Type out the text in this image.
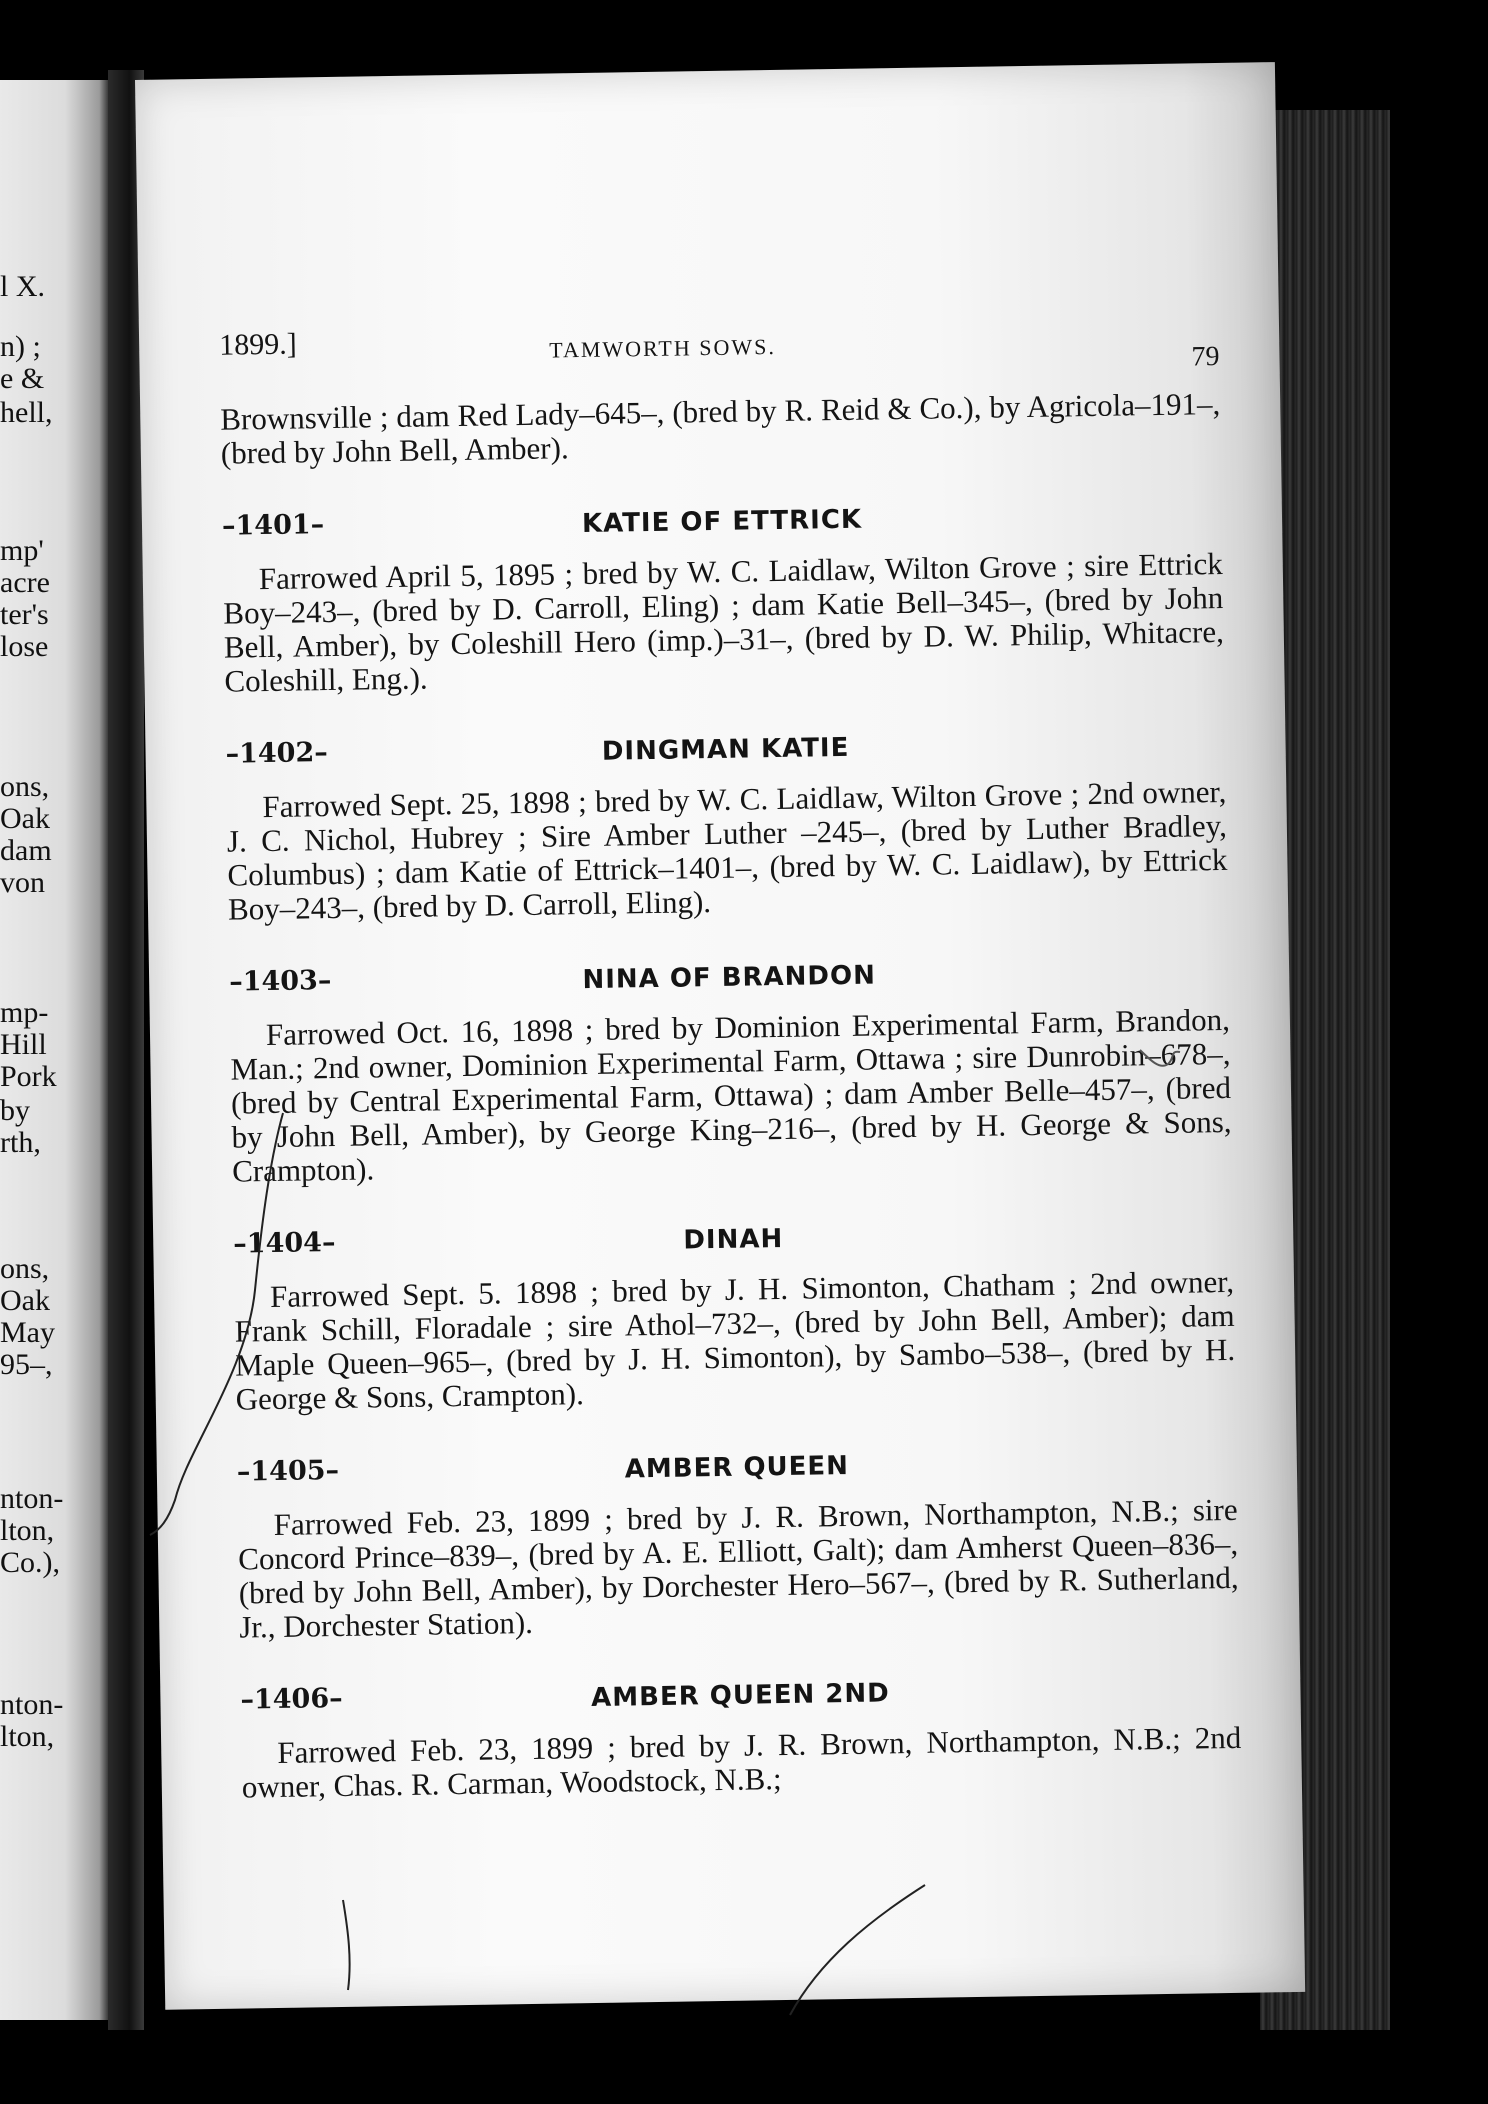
l X.
n) ;
e &
hell,
mp'
acre
ter's
lose
ons,
Oak
dam
von
mp-
Hill
Pork
by
rth,
ons,
Oak
May
95–,
nton-
lton,
Co.),
nton-
lton,
1899.]	TAMWORTH SOWS.	79

Brownsville ; dam Red Lady–645–, (bred by R. Reid & Co.), by Agricola–191–, (bred by John Bell, Amber).

–1401–	KATIE OF ETTRICK

Farrowed April 5, 1895 ; bred by W. C. Laidlaw, Wilton Grove ; sire Ettrick Boy–243–, (bred by D. Carroll, Eling) ; dam Katie Bell–345–, (bred by John Bell, Amber), by Coleshill Hero (imp.)–31–, (bred by D. W. Philip, Whitacre, Coleshill, Eng.).

–1402–	DINGMAN KATIE

Farrowed Sept. 25, 1898 ; bred by W. C. Laidlaw, Wilton Grove ; 2nd owner, J. C. Nichol, Hubrey ; Sire Amber Luther –245–, (bred by Luther Bradley, Columbus) ; dam Katie of Ettrick–1401–, (bred by W. C. Laidlaw), by Ettrick Boy–243–, (bred by D. Carroll, Eling).

–1403–	NINA OF BRANDON

Farrowed Oct. 16, 1898 ; bred by Dominion Experimental Farm, Brandon, Man.; 2nd owner, Dominion Experimental Farm, Ottawa ; sire Dunrobin–678–, (bred by Central Experimental Farm, Ottawa) ; dam Amber Belle–457–, (bred by John Bell, Amber), by George King–216–, (bred by H. George & Sons, Crampton).

–1404–	DINAH

Farrowed Sept. 5. 1898 ; bred by J. H. Simonton, Chatham ; 2nd owner, Frank Schill, Floradale ; sire Athol–732–, (bred by John Bell, Amber); dam Maple Queen–965–, (bred by J. H. Simonton), by Sambo–538–, (bred by H. George & Sons, Crampton).

–1405–	AMBER QUEEN

Farrowed Feb. 23, 1899 ; bred by J. R. Brown, Northampton, N.B.; sire Concord Prince–839–, (bred by A. E. Elliott, Galt); dam Amherst Queen–836–, (bred by John Bell, Amber), by Dorchester Hero–567–, (bred by R. Sutherland, Jr., Dorchester Station).

–1406–	AMBER QUEEN 2ND

Farrowed Feb. 23, 1899 ; bred by J. R. Brown, Northampton, N.B.; 2nd owner, Chas. R. Carman, Woodstock, N.B.;
